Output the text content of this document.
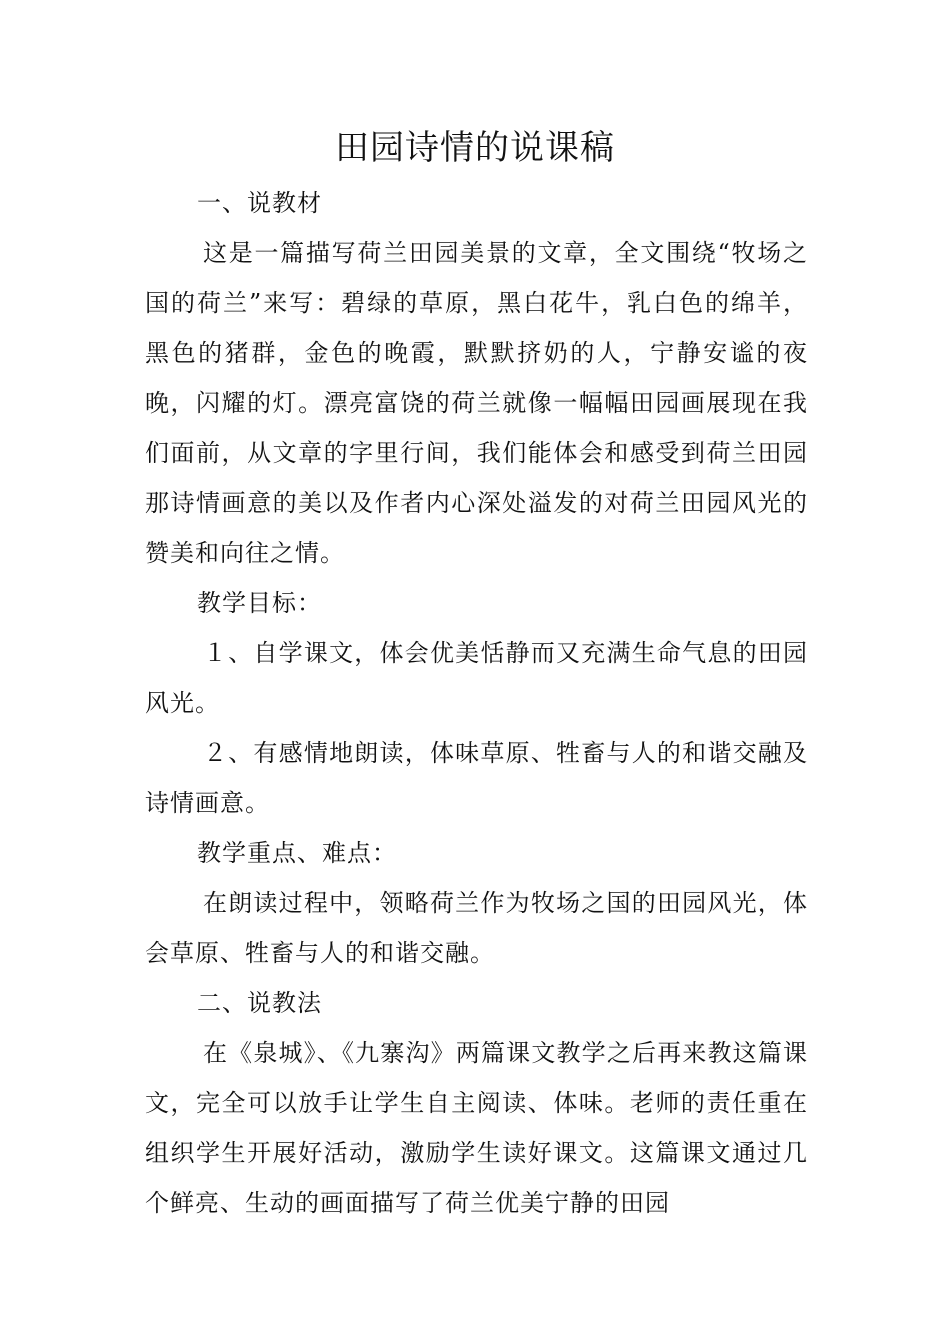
田园诗情的说课稿

一、说教材

这是一篇描写荷兰田园美景的文章，全文围绕“牧场之国的荷兰”来写：碧绿的草原，黑白花牛，乳白色的绵羊，黑色的猪群，金色的晚霞，默默挤奶的人，宁静安谧的夜晚，闪耀的灯。漂亮富饶的荷兰就像一幅幅田园画展现在我们面前，从文章的字里行间，我们能体会和感受到荷兰田园那诗情画意的美以及作者内心深处溢发的对荷兰田园风光的赞美和向往之情。

教学目标：

１、自学课文，体会优美恬静而又充满生命气息的田园风光。

２、有感情地朗读，体味草原、牲畜与人的和谐交融及诗情画意。

教学重点、难点：

在朗读过程中，领略荷兰作为牧场之国的田园风光，体会草原、牲畜与人的和谐交融。

二、说教法

在《泉城》、《九寨沟》两篇课文教学之后再来教这篇课文，完全可以放手让学生自主阅读、体味。老师的责任重在组织学生开展好活动，激励学生读好课文。这篇课文通过几个鲜亮、生动的画面描写了荷兰优美宁静的田园
